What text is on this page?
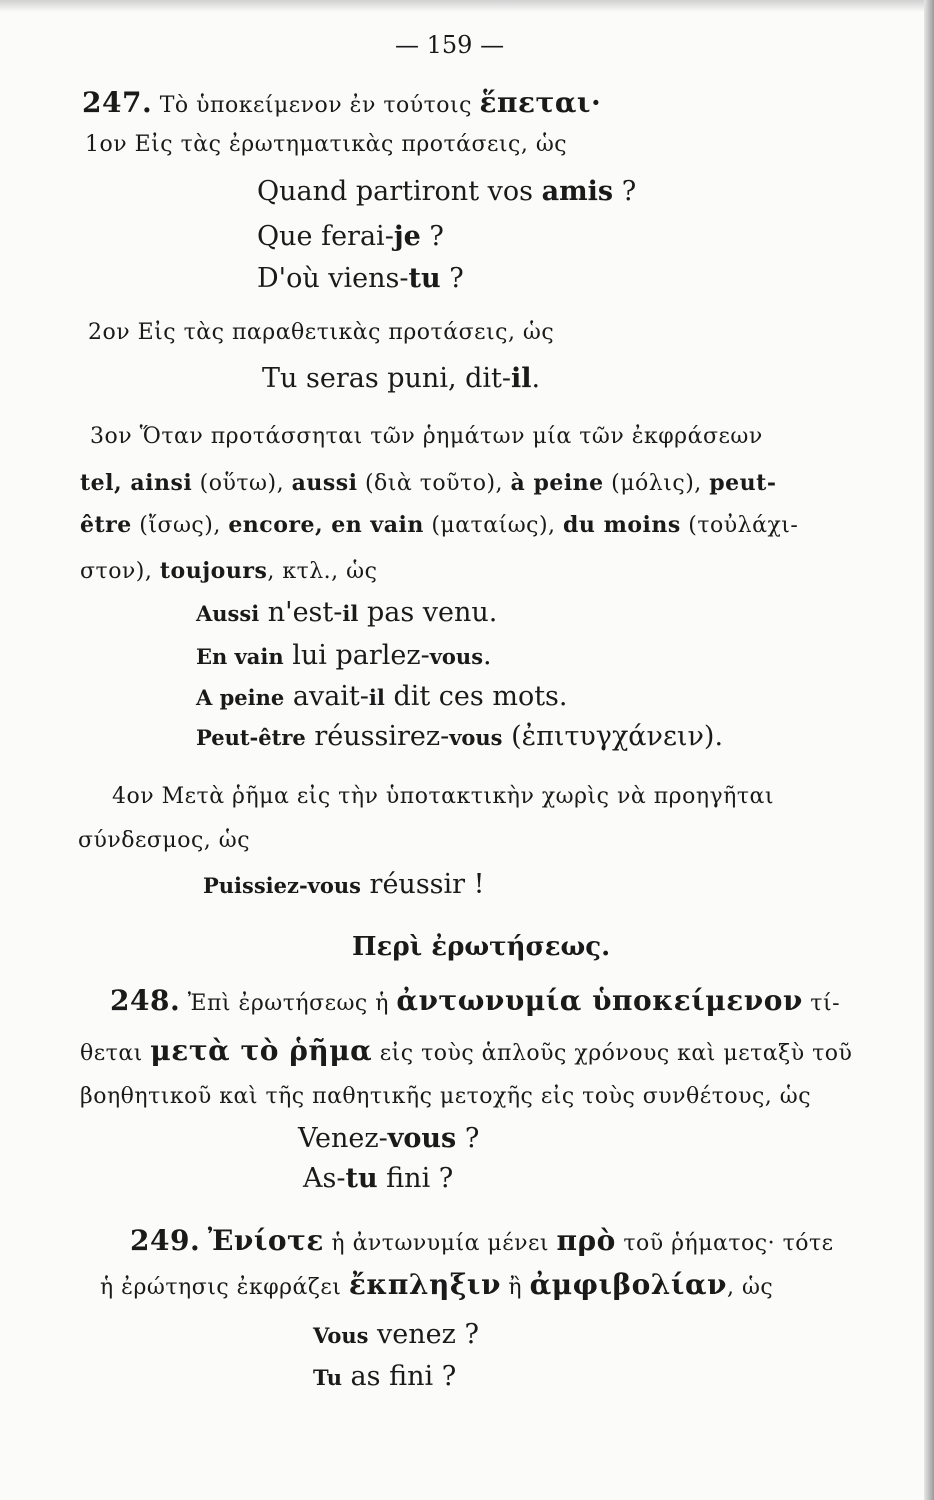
— 159 —
247. Τὸ ὑποκείμενον ἐν τούτοις ἕπεται·
1ον Εἰς τὰς ἐρωτηματικὰς προτάσεις, ὡς
Quand partiront vos amis ?
Que ferai-je ?
D'où viens-tu ?
2ον Εἰς τὰς παραθετικὰς προτάσεις, ὡς
Tu seras puni, dit-il.
3ον Ὅταν προτάσσηται τῶν ῥημάτων μία τῶν ἐκφράσεων
tel, ainsi (οὕτω), aussi (διὰ τοῦτο), à peine (μόλις), peut-
être (ἴσως), encore, en vain (ματαίως), du moins (τοὐλάχι-
στον), toujours, κτλ., ὡς
Aussi n'est-il pas venu.
En vain lui parlez-vous.
A peine avait-il dit ces mots.
Peut-être réussirez-vous (ἐπιτυγχάνειν).
4ον Μετὰ ῥῆμα εἰς τὴν ὑποτακτικὴν χωρὶς νὰ προηγῆται
σύνδεσμος, ὡς
Puissiez-vous réussir !
Περὶ ἐρωτήσεως.
248. Ἐπὶ ἐρωτήσεως ἡ ἀντωνυμία ὑποκείμενον τί-
θεται μετὰ τὸ ῥῆμα εἰς τοὺς ἁπλοῦς χρόνους καὶ μεταξὺ τοῦ
βοηθητικοῦ καὶ τῆς παθητικῆς μετοχῆς εἰς τοὺς συνθέτους, ὡς
Venez-vous ?
As-tu fini ?
249. Ἐνίοτε ἡ ἀντωνυμία μένει πρὸ τοῦ ῥήματος· τότε
ἡ ἐρώτησις ἐκφράζει ἔκπληξιν ἢ ἀμφιβολίαν, ὡς
Vous venez ?
Tu as fini ?
